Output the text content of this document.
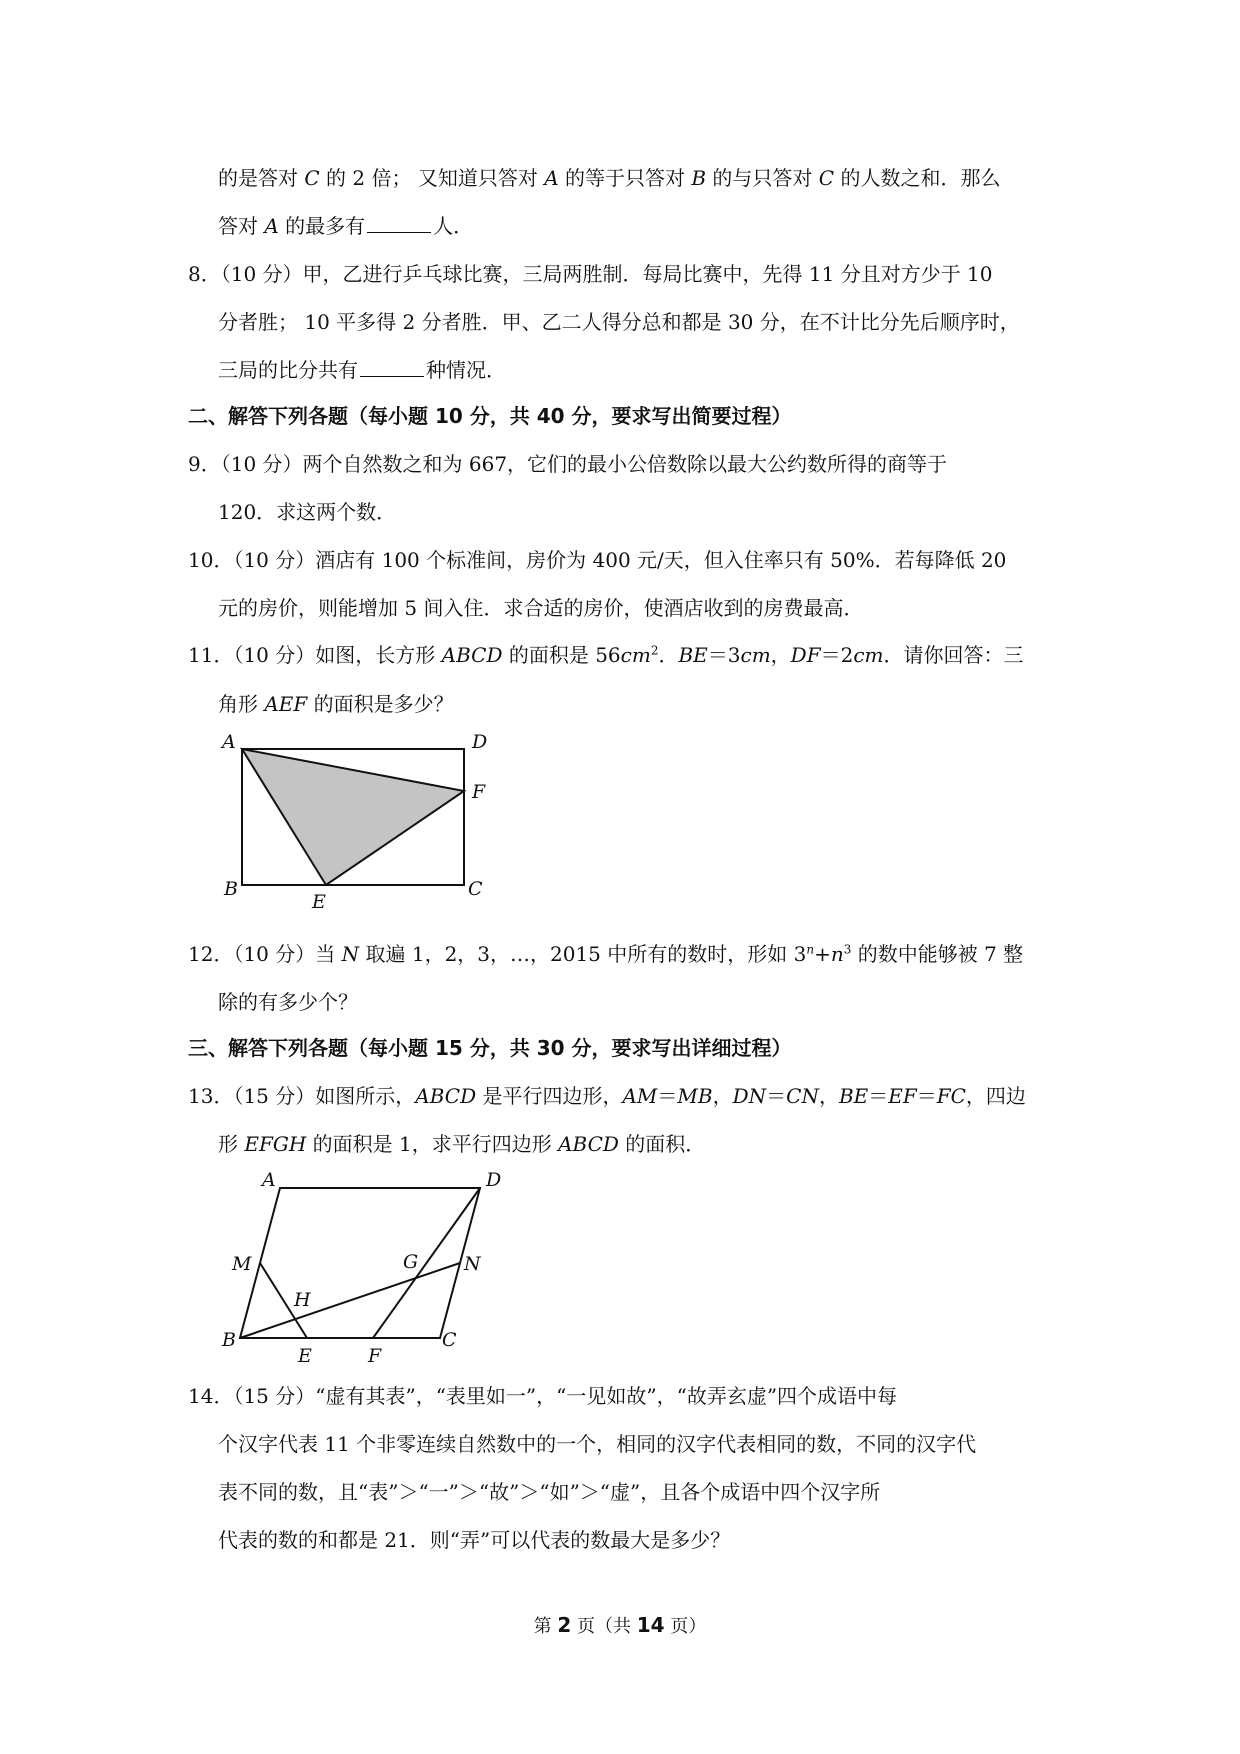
的是答对 C 的 2 倍； 又知道只答对 A 的等于只答对 B 的与只答对 C 的人数之和．那么
答对 A 的最多有	人．
8．（10 分）甲，乙进行乒乓球比赛，三局两胜制．每局比赛中，先得 11 分且对方少于 10
分者胜； 10 平多得 2 分者胜．甲、乙二人得分总和都是 30 分，在不计比分先后顺序时，
三局的比分共有	种情况．
二、解答下列各题（每小题 10 分，共 40 分，要求写出简要过程）
9．（10 分）两个自然数之和为 667，它们的最小公倍数除以最大公约数所得的商等于
120．求这两个数．
10．（10 分）酒店有 100 个标准间，房价为 400 元/天，但入住率只有 50%．若每降低 20
元的房价，则能增加 5 间入住．求合适的房价，使酒店收到的房费最高．
11．（10 分）如图，长方形 ABCD 的面积是 $56cm^2$．BE＝3cm，DF＝2cm．请你回答：三
角形 AEF 的面积是多少？
A	D
F
B	C
E
12．（10 分）当 N 取遍 1，2，3，…，2015 中所有的数时，形如 $3^n+n^3$ 的数中能够被 7 整
除的有多少个？
三、解答下列各题（每小题 15 分，共 30 分，要求写出详细过程）
13．（15 分）如图所示，ABCD 是平行四边形，AM＝MB，DN＝CN，BE＝EF＝FC，四边
形 EFGH 的面积是 1，求平行四边形 ABCD 的面积．
A	D
M	G N
H
B
E	F
C
14．（15 分）“虚有其表”，“表里如一”，“一见如故”，“故弄玄虚”四个成语中每
个汉字代表 11 个非零连续自然数中的一个，相同的汉字代表相同的数，不同的汉字代
表不同的数，且“表”＞“一”＞“故”＞“如”＞“虚”，且各个成语中四个汉字所
代表的数的和都是 21．则“弄”可以代表的数最大是多少？
第 2 页（共 14 页）
